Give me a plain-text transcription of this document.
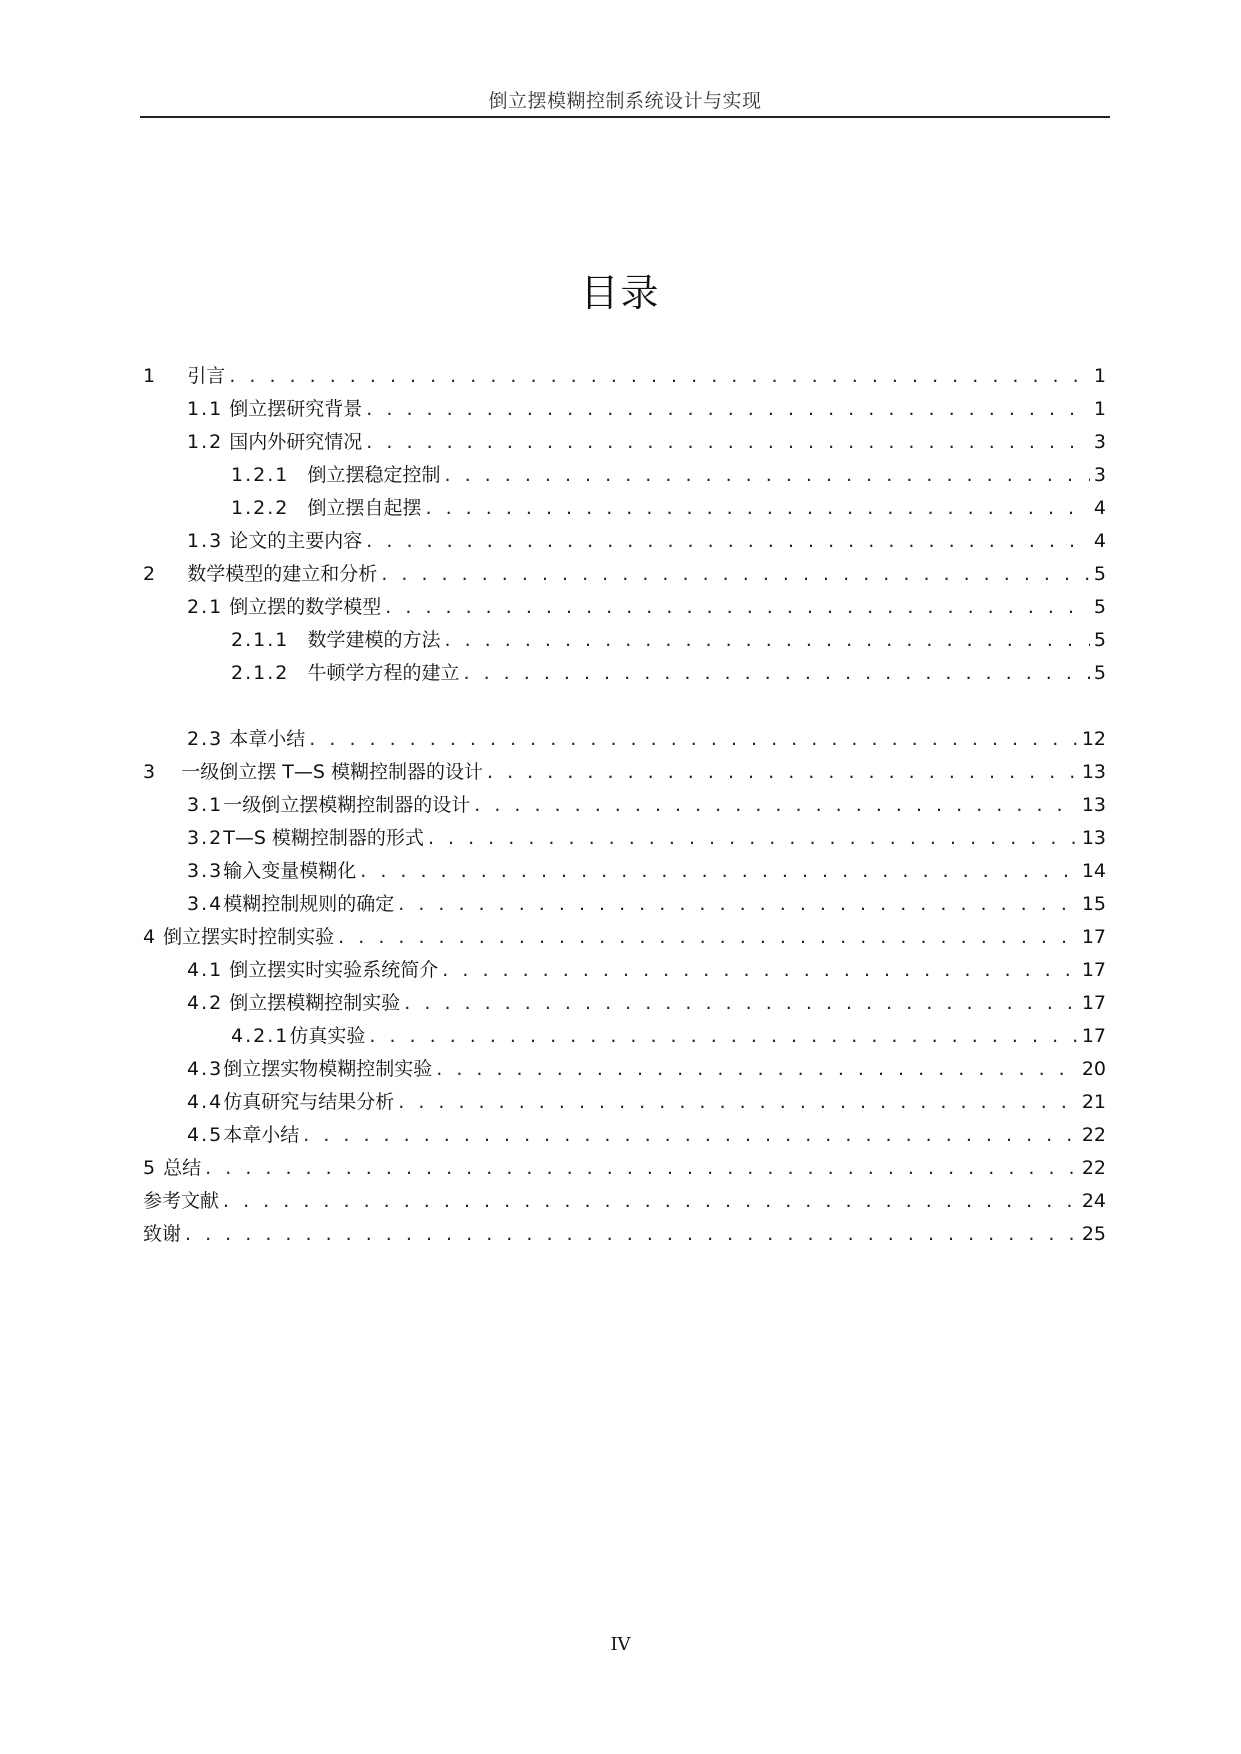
倒立摆模糊控制系统设计与实现
目录
1 引言 . . .	1
1.1 倒立摆研究背景 . . .	1
1.2 国内外研究情况 . . .	3
1.2.1 倒立摆稳定控制 . . .	3
1.2.2 倒立摆自起摆 . . .	4
1.3 论文的主要内容 . . .	4
2 数学模型的建立和分析 . . .	5
2.1 倒立摆的数学模型 . . .	5
2.1.1 数学建模的方法 . . .	5
2.1.2 牛顿学方程的建立 . . .	5
2.3 本章小结 . . .	12
3 一级倒立摆 T—S 模糊控制器的设计 . . .	13
3.1一级倒立摆模糊控制器的设计 . . .	13
3.2T—S 模糊控制器的形式 . . .	13
3.3输入变量模糊化 . . .	14
3.4模糊控制规则的确定 . . .	15
4 倒立摆实时控制实验 . . .	17
4.1 倒立摆实时实验系统简介 . . .	17
4.2 倒立摆模糊控制实验 . . .	17
4.2.1仿真实验 . . .	17
4.3倒立摆实物模糊控制实验 . . .	20
4.4仿真研究与结果分析 . . .	21
4.5本章小结 . . .	22
5 总结 . . .	22
参考文献 . . .	24
致谢 . . .	25
IV
